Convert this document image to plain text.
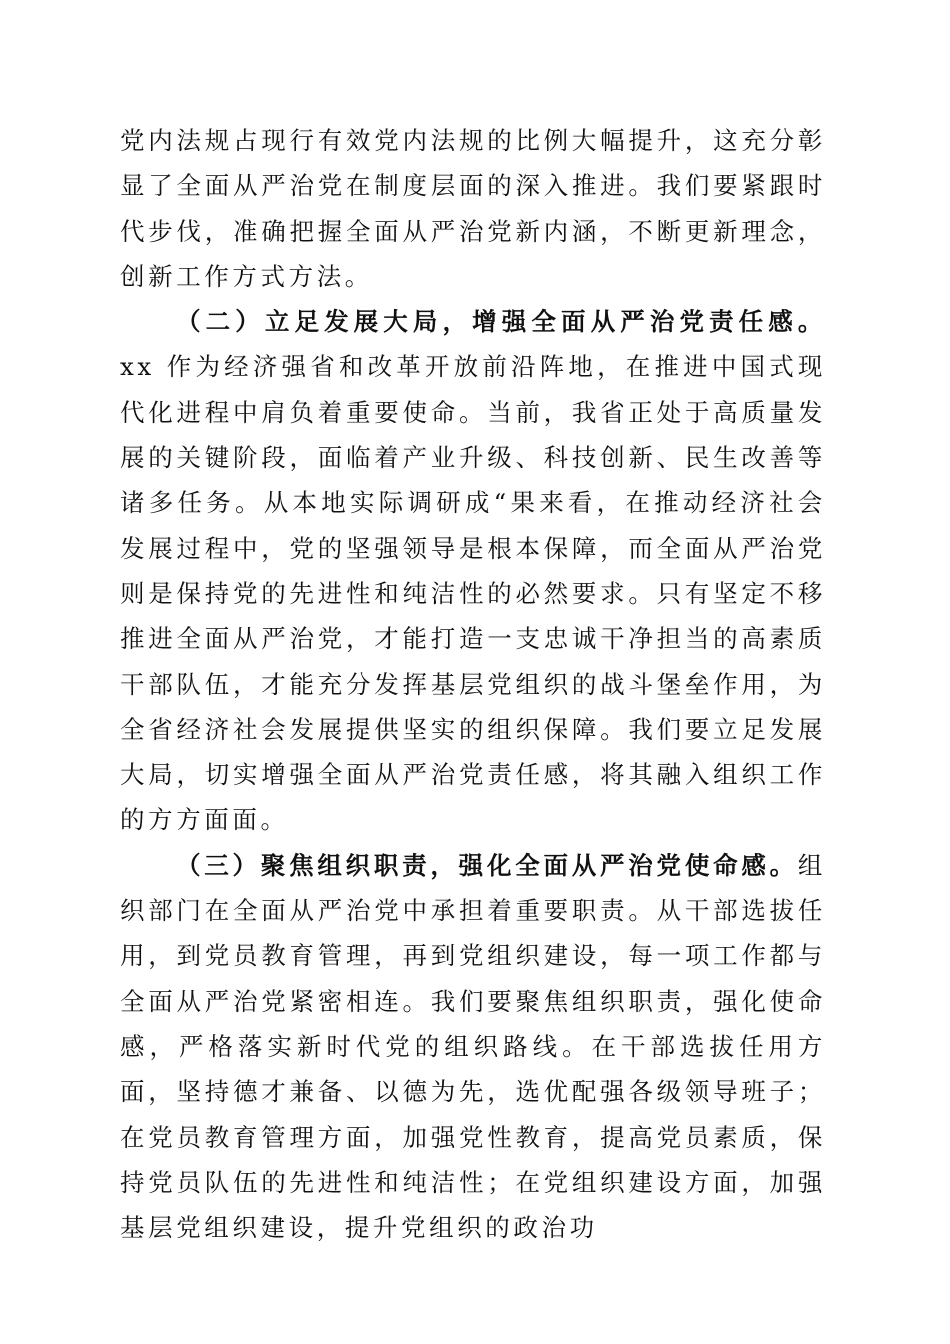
党内法规占现行有效党内法规的比例大幅提升，这充分彰显了全面从严治党在制度层面的深入推进。我们要紧跟时代步伐，准确把握全面从严治党新内涵，不断更新理念，创新工作方式方法。

（二）立足发展大局，增强全面从严治党责任感。xx 作为经济强省和改革开放前沿阵地，在推进中国式现代化进程中肩负着重要使命。当前，我省正处于高质量发展的关键阶段，面临着产业升级、科技创新、民生改善等诸多任务。从本地实际调研成“果来看，在推动经济社会发展过程中，党的坚强领导是根本保障，而全面从严治党则是保持党的先进性和纯洁性的必然要求。只有坚定不移推进全面从严治党，才能打造一支忠诚干净担当的高素质干部队伍，才能充分发挥基层党组织的战斗堡垒作用，为全省经济社会发展提供坚实的组织保障。我们要立足发展大局，切实增强全面从严治党责任感，将其融入组织工作的方方面面。

（三）聚焦组织职责，强化全面从严治党使命感。组织部门在全面从严治党中承担着重要职责。从干部选拔任用，到党员教育管理，再到党组织建设，每一项工作都与全面从严治党紧密相连。我们要聚焦组织职责，强化使命感，严格落实新时代党的组织路线。在干部选拔任用方面，坚持德才兼备、以德为先，选优配强各级领导班子；在党员教育管理方面，加强党性教育，提高党员素质，保持党员队伍的先进性和纯洁性；在党组织建设方面，加强基层党组织建设，提升党组织的政治功
